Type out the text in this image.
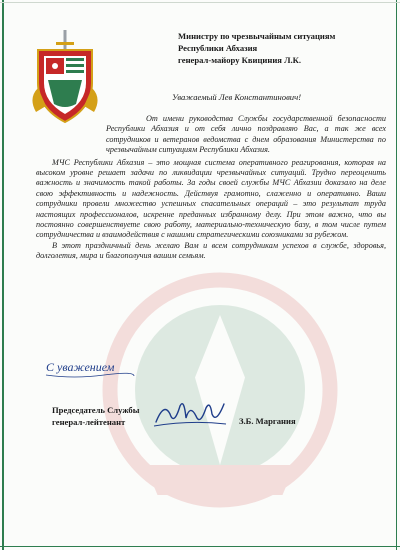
Министру по чрезвычайным ситуациям
Республики Абхазия
генерал-майору Квициния Л.К.
Уважаемый Лев Константинович!

От имени руководства Службы государственной безопасности Республики Абхазия и от себя лично поздравляю Вас, а так же всех сотрудников и ветеранов ведомства с днем образования Министерства по чрезвычайным ситуациям Республики Абхазия.

МЧС Республики Абхазия – это мощная система оперативного реагирования, которая на высоком уровне решает задачи по ликвидации чрезвычайных ситуаций. Трудно переоценить важность и значимость такой работы. За годы своей службы МЧС Абхазии доказало на деле свою эффективность и надежность. Действуя грамотно, слаженно и оперативно. Ваши сотрудники провели множество успешных спасательных операций – это результат труда настоящих профессионалов, искренне преданных избранному делу. При этом важно, что вы постоянно совершенствуете свою работу, материально-техническую базу, в том числе путем сотрудничества и взаимодействия с нашими стратегическими союзниками за рубежом.

В этот праздничный день желаю Вам и всем сотрудникам успехов в службе, здоровья, долголетия, мира и благополучия вашим семьям.

С уважением
Председатель Службы
генерал-лейтенант	З.Б. Маргания
